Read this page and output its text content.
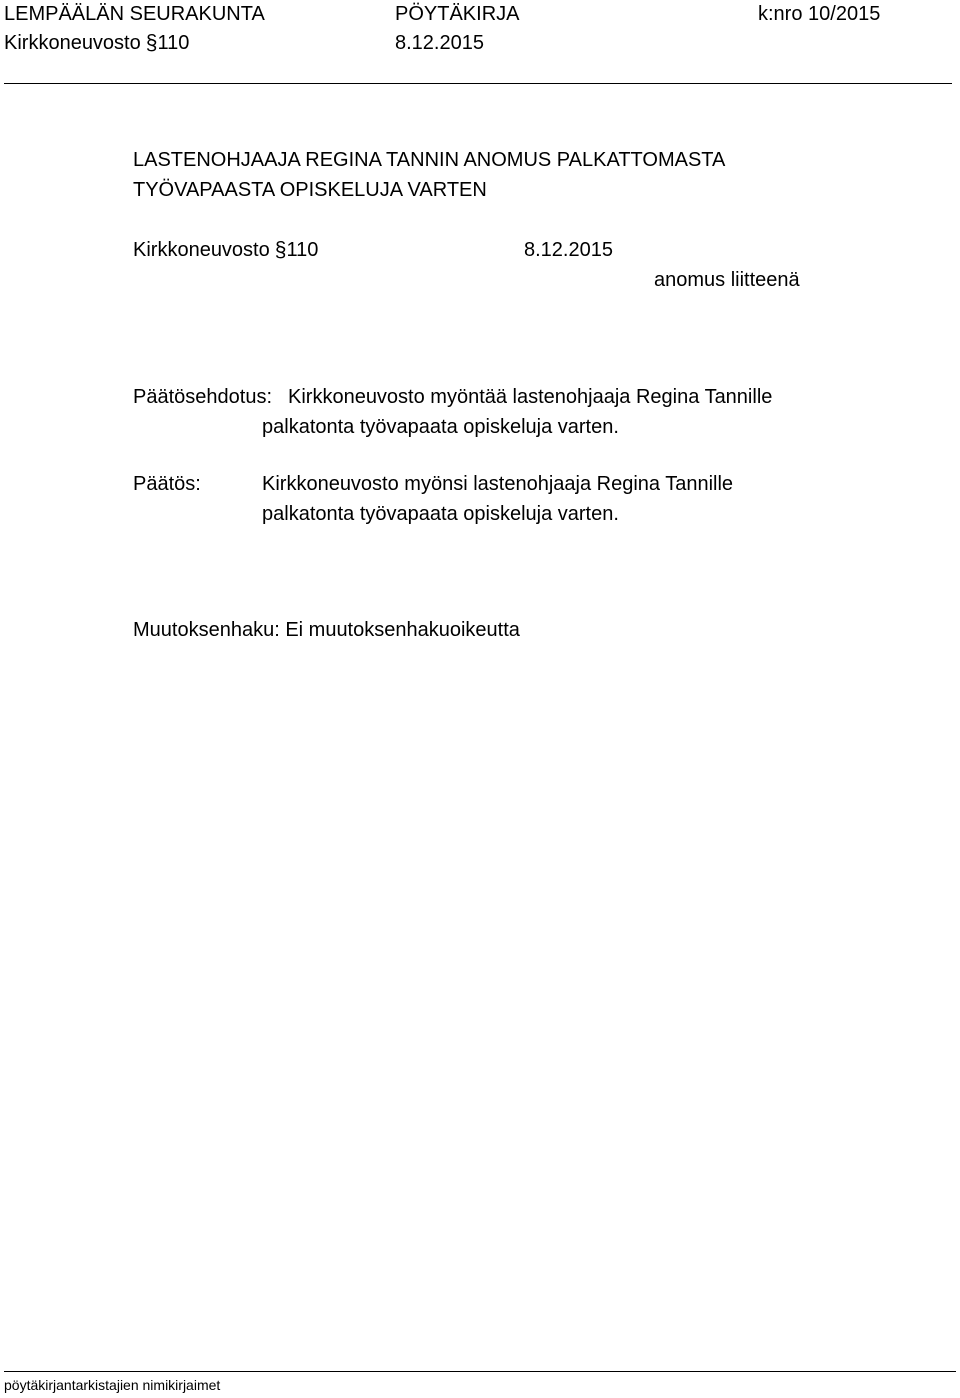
LEMPÄÄLÄN SEURAKUNTA	PÖYTÄKIRJA	k:nro 10/2015
Kirkkoneuvosto §110	8.12.2015
LASTENOHJAAJA REGINA TANNIN ANOMUS PALKATTOMASTA
TYÖVAPAASTA OPISKELUJA VARTEN
Kirkkoneuvosto §110	8.12.2015
anomus liitteenä
Päätösehdotus: Kirkkoneuvosto myöntää lastenohjaaja Regina Tannille
palkatonta työvapaata opiskeluja varten.
Päätös:	Kirkkoneuvosto myönsi lastenohjaaja Regina Tannille
palkatonta työvapaata opiskeluja varten.
Muutoksenhaku: Ei muutoksenhakuoikeutta
pöytäkirjantarkistajien nimikirjaimet
